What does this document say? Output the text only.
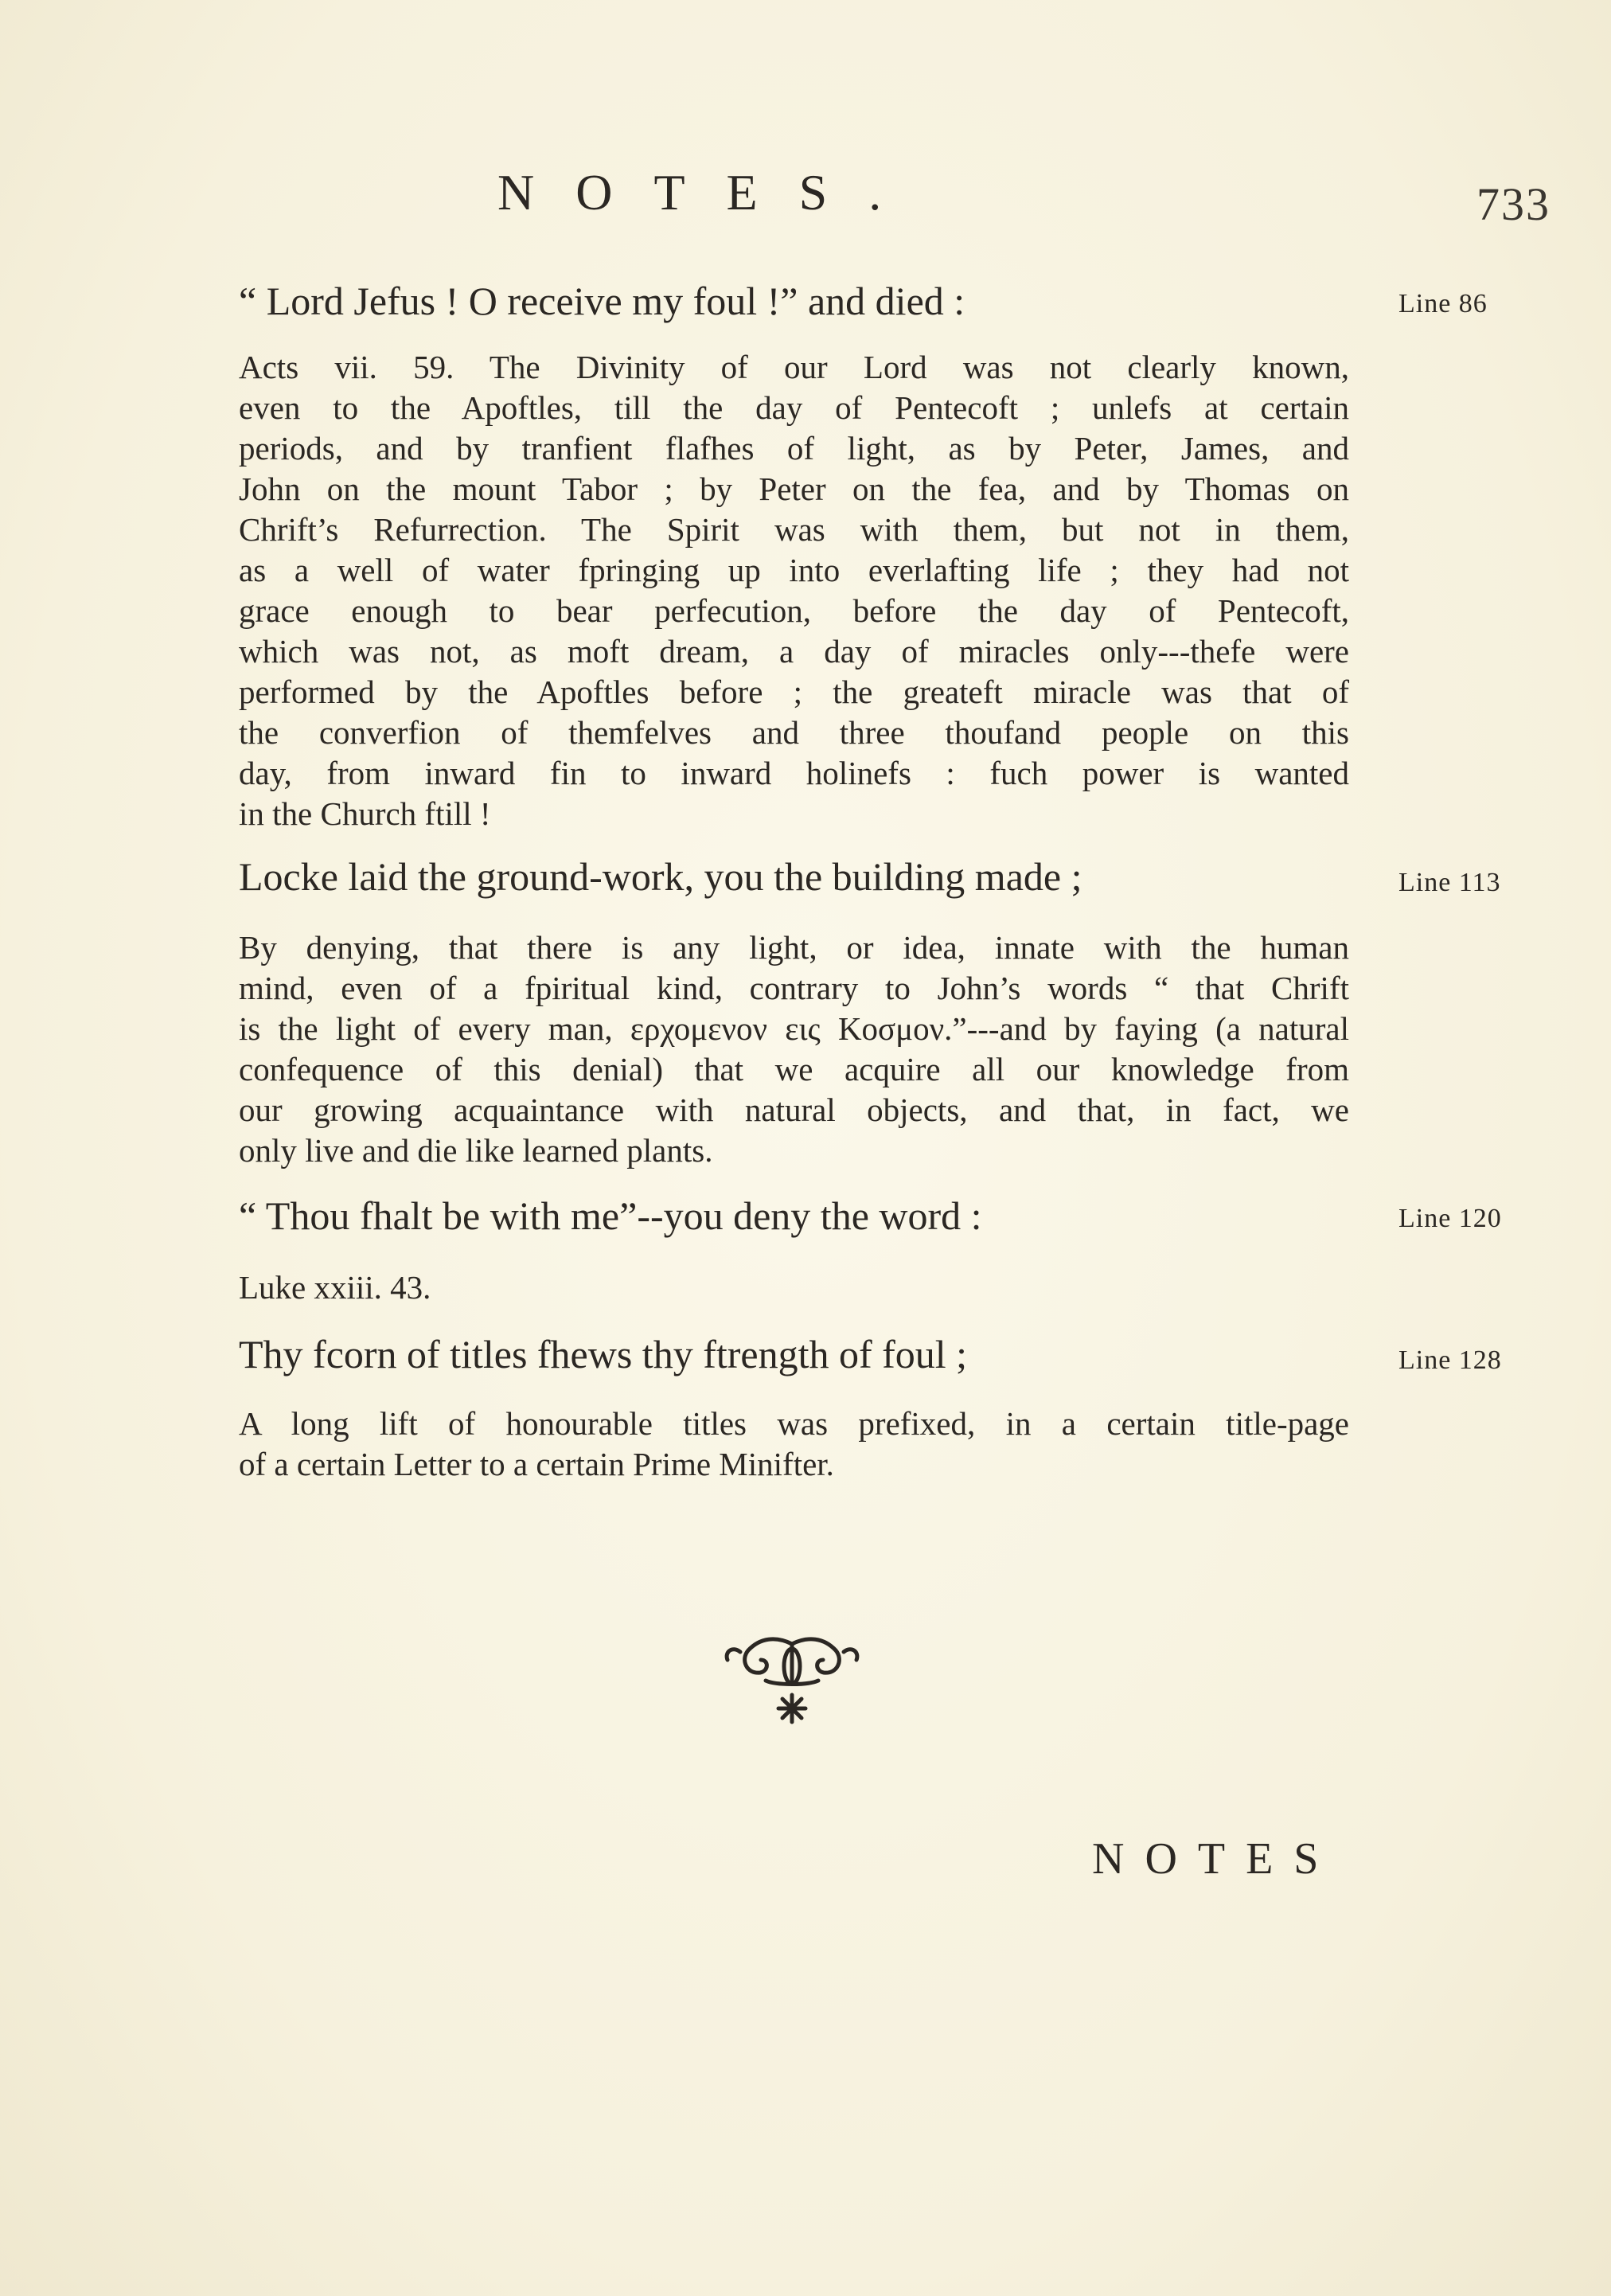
NOTES.	733
“ Lord Jefus ! O receive my foul !” and died :	Line 86

Acts vii. 59. The Divinity of our Lord was not clearly known,

even to the Apoftles, till the day of Pentecoft ; unlefs at certain

periods, and by tranfient flafhes of light, as by Peter, James, and

John on the mount Tabor ; by Peter on the fea, and by Thomas on

Chrift’s Refurrection. The Spirit was with them, but not in them,

as a well of water fpringing up into everlafting life ; they had not

grace enough to bear perfecution, before the day of Pentecoft,

which was not, as moft dream, a day of miracles only---thefe were

performed by the Apoftles before ; the greateft miracle was that of

the converfion of themfelves and three thoufand people on this

day, from inward fin to inward holinefs : fuch power is wanted

in the Church ftill !

Locke laid the ground-work, you the building made ;	Line 113

By denying, that there is any light, or idea, innate with the human

mind, even of a fpiritual kind, contrary to John’s words “ that Chrift

is the light of every man, ερχομενον εις Κοσμον.”---and by faying (a natural

confequence of this denial) that we acquire all our knowledge from

our growing acquaintance with natural objects, and that, in fact, we

only live and die like learned plants.

“ Thou fhalt be with me”--you deny the word :	Line 120

Luke xxiii. 43.

Thy fcorn of titles fhews thy ftrength of foul ;	Line 128

A long lift of honourable titles was prefixed, in a certain title-page

of a certain Letter to a certain Prime Minifter.

NOTES
